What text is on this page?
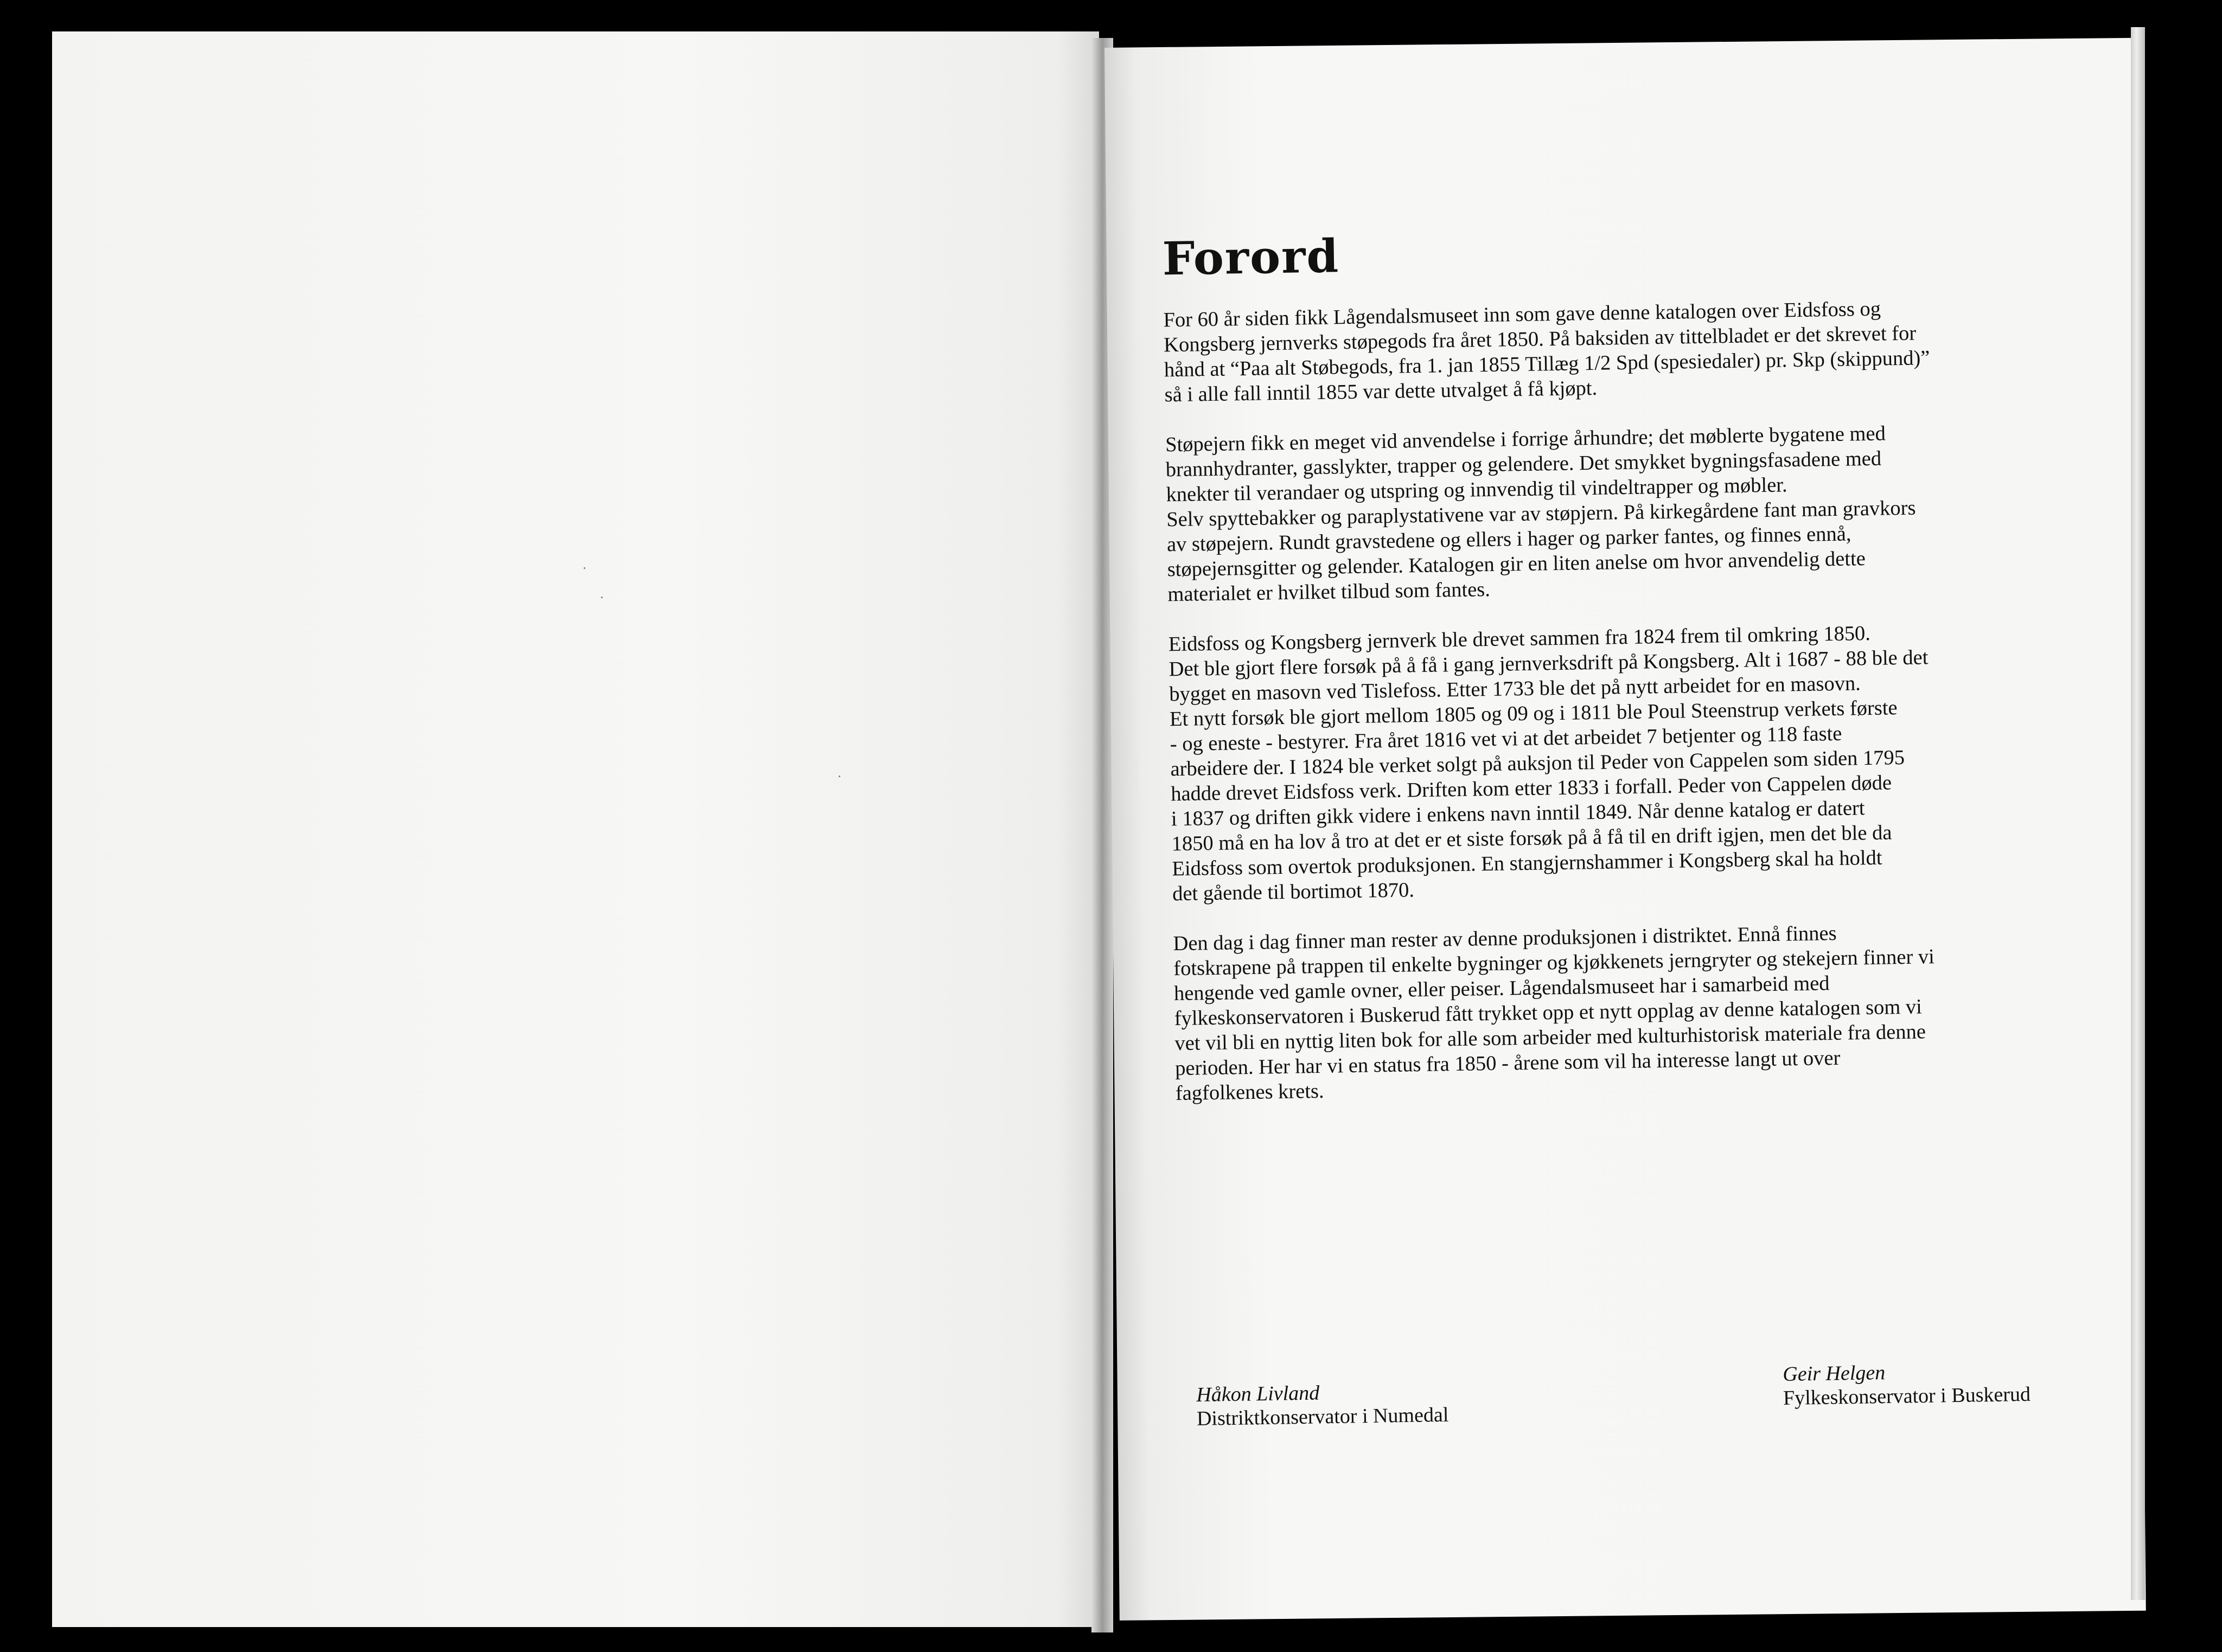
Forord
For 60 år siden fikk Lågendalsmuseet inn som gave denne katalogen over Eidsfoss og
Kongsberg jernverks støpegods fra året 1850. På baksiden av tittelbladet er det skrevet for
hånd at “Paa alt Støbegods, fra 1. jan 1855 Tillæg 1/2 Spd (spesiedaler) pr. Skp (skippund)”
så i alle fall inntil 1855 var dette utvalget å få kjøpt.
Støpejern fikk en meget vid anvendelse i forrige århundre; det møblerte bygatene med
brannhydranter, gasslykter, trapper og gelendere. Det smykket bygningsfasadene med
knekter til verandaer og utspring og innvendig til vindeltrapper og møbler.
Selv spyttebakker og paraplystativene var av støpjern. På kirkegårdene fant man gravkors
av støpejern. Rundt gravstedene og ellers i hager og parker fantes, og finnes ennå,
støpejernsgitter og gelender. Katalogen gir en liten anelse om hvor anvendelig dette
materialet er hvilket tilbud som fantes.
Eidsfoss og Kongsberg jernverk ble drevet sammen fra 1824 frem til omkring 1850.
Det ble gjort flere forsøk på å få i gang jernverksdrift på Kongsberg. Alt i 1687 - 88 ble det
bygget en masovn ved Tislefoss. Etter 1733 ble det på nytt arbeidet for en masovn.
Et nytt forsøk ble gjort mellom 1805 og 09 og i 1811 ble Poul Steenstrup verkets første
- og eneste - bestyrer. Fra året 1816 vet vi at det arbeidet 7 betjenter og 118 faste
arbeidere der. I 1824 ble verket solgt på auksjon til Peder von Cappelen som siden 1795
hadde drevet Eidsfoss verk. Driften kom etter 1833 i forfall. Peder von Cappelen døde
i 1837 og driften gikk videre i enkens navn inntil 1849. Når denne katalog er datert
1850 må en ha lov å tro at det er et siste forsøk på å få til en drift igjen, men det ble da
Eidsfoss som overtok produksjonen. En stangjernshammer i Kongsberg skal ha holdt
det gående til bortimot 1870.
Den dag i dag finner man rester av denne produksjonen i distriktet. Ennå finnes
fotskrapene på trappen til enkelte bygninger og kjøkkenets jerngryter og stekejern finner vi
hengende ved gamle ovner, eller peiser. Lågendalsmuseet har i samarbeid med
fylkeskonservatoren i Buskerud fått trykket opp et nytt opplag av denne katalogen som vi
vet vil bli en nyttig liten bok for alle som arbeider med kulturhistorisk materiale fra denne
perioden. Her har vi en status fra 1850 - årene som vil ha interesse langt ut over
fagfolkenes krets.
Håkon Livland
Distriktkonservator i Numedal
Geir Helgen
Fylkeskonservator i Buskerud
